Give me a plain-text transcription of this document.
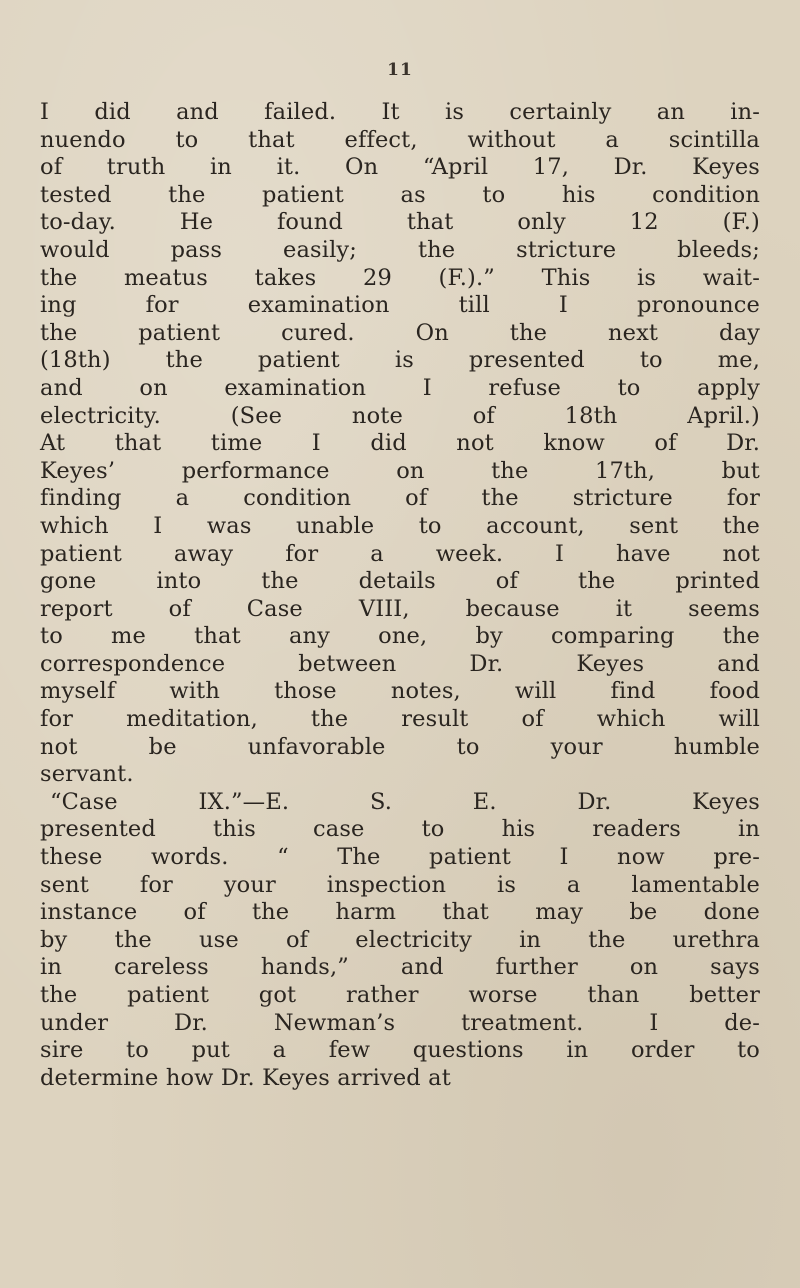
11
I did and failed. It is certainly an in-
nuendo to that effect, without a scintilla
of truth in it. On “April 17, Dr. Keyes
tested the patient as to his condition
to-day. He found that only 12 (F.)
would pass easily; the stricture bleeds;
the meatus takes 29 (F.).” This is wait-
ing for examination till I pronounce
the patient cured. On the next day
(18th) the patient is presented to me,
and on examination I refuse to apply
electricity. (See note of 18th April.)
At that time I did not know of Dr.
Keyes’ performance on the 17th, but
finding a condition of the stricture for
which I was unable to account, sent the
patient away for a week. I have not
gone into the details of the printed
report of Case VIII, because it seems
to me that any one, by comparing the
correspondence between Dr. Keyes and
myself with those notes, will find food
for meditation, the result of which will
not be unfavorable to your humble
servant.
“Case IX.”—E. S. E. Dr. Keyes
presented this case to his readers in
these words. “ The patient I now pre-
sent for your inspection is a lamentable
instance of the harm that may be done
by the use of electricity in the urethra
in careless hands,” and further on says
the patient got rather worse than better
under Dr. Newman’s treatment. I de-
sire to put a few questions in order to
determine how Dr. Keyes arrived at
